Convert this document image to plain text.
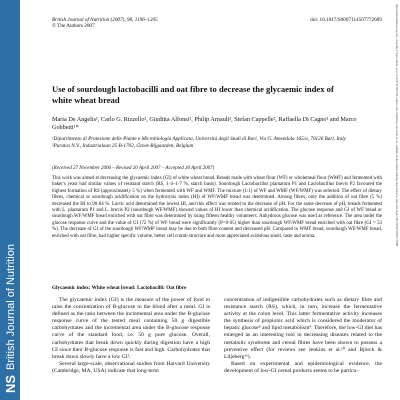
British Journal of Nutrition
NS
https://www.cambridge.org/core. University of Basel Library, on 11 Jul 2017 at 08:34:59, subject to the Cambridge Core terms of use, available at https://www.cambridge.org/core/terms. https://doi.org/10.1017/S0007114507772689
British Journal of Nutrition (2007), 98, 1196–1205
© The Authors 2007
doi: 10.1017/S0007114507772689
Use of sourdough lactobacilli and oat fibre to decrease the glycaemic index of white wheat bread
Maria De Angelis¹, Carlo G. Rizzello¹, Giuditta Alfonsi¹, Philip Arnault², Stefan Cappelle², Raffaella Di Cagno¹ and Marco Gobbetti¹*
¹Dipartimento di Protezione delle Piante e Microbiologia Applicata, Università degli Studi di Bari, Via G. Amendola 165/a, 70126 Bari, Italy
²Puratos N.V., Industrialaan 25 B-1702, Groot-Bijgaarden, Belgium
(Received 27 November 2006 – Revised 20 April 2007 – Accepted 30 April 2007)
This work was aimed at decreasing the glycaemic index (GI) of white wheat bread. Breads made with wheat flour (WF) or wholemeal flour (WMF) and fermented with baker's yeast had similar values of resistant starch (RS, 1·4–1·7 %, starch basis). Sourdough Lactobacillus plantarum P1 and Lactobacillus brevis P2 favoured the highest formation of RS (approximately 5 %) when fermented with WF and WMF. The mixture (1:1) of WF and WMF (WF/WMF) was selected. The effect of dietary fibres, chemical or sourdough acidification on the hydrolysis index (HI) of WF/WMF bread was determined. Among fibres, only the addition of oat fibre (5 %) decreased the HI to 90·84 %. Lactic acid determined the lowest HI, and this effect was related to the decrease of pH. For the same decrease of pH, breads fermented with L. plantarum P1 and L. brevis P2 (sourdough WF/WMF) showed values of HI lower than chemical acidification. The glucose response and GI of WF bread or sourdough WF/WMF bread enriched with oat fibre was determined by using fifteen healthy volunteers. Anhydrous glucose was used as reference. The area under the glucose response curve and the value of GI (72 %) of WF bread were significantly (P<0·05) higher than sourdough WF/WMF bread enriched with oat fibre (GI = 53 %). The decrease of GI of the sourdough WF/WMF bread may be due to both fibre content and decreased pH. Compared to WMF bread, sourdough WF/WMF bread, enriched with oat fibre, had higher specific volume, better cell crumb structure and more appreciated acidulous smell, taste and aroma.
Glycaemic index: White wheat bread: Lactobacilli: Oat fibre

The glycaemic index (GI) is the measure of the power of food to raise the concentration of B-glucose in the blood after a meal. GI is defined as the ratio between the incremental area under the B-glucose response curve of the tested meal containing 50 g digestible carbohydrates and the incremental area under the B-glucose response curve of the standard food, i.e. 50 g pure glucose. Overall, carbohydrates that break down quickly during digestion have a high GI since their B-glucose response is fast and high. Carbohydrates that break down slowly have a low GI¹.

Several large-scale, observational studies from Harvard University (Cambridge, MA, USA) indicate that long-term

concentration of indigestible carbohydrates such as dietary fibre and resistance starch (RS), which, in turn, increase the fermentative activity at the colon level. This latter fermentative activity increases the synthesis of propionic acid which is considered the moderator of hepatic glucose⁸ and lipid metabolism⁹. Therefore, the low-GI diet has emerged as an interesting tool in decreasing diseases related to the metabolic syndrome and cereal fibres have been shown to possess a preventive effect (for reviews see Jenkins et al.¹⁰ and Björck & Liljeberg¹¹).

Based on experimental and epidemiological evidence, the development of low-GI cereal products seems to be particu-
